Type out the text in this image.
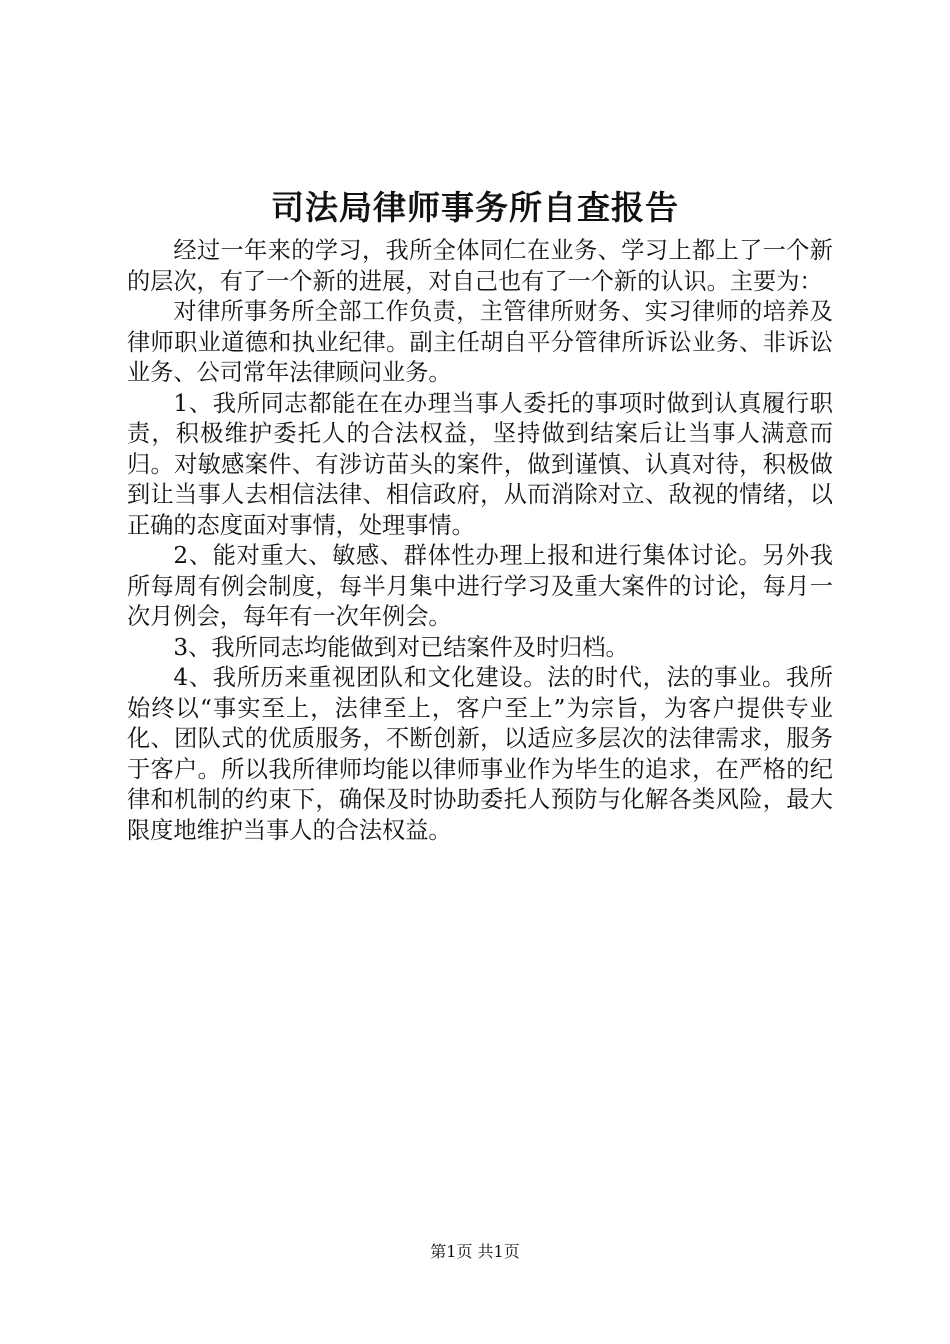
司法局律师事务所自查报告

经过一年来的学习，我所全体同仁在业务、学习上都上了一个新的层次，有了一个新的进展，对自己也有了一个新的认识。主要为：

对律所事务所全部工作负责，主管律所财务、实习律师的培养及律师职业道德和执业纪律。副主任胡自平分管律所诉讼业务、非诉讼业务、公司常年法律顾问业务。

1、我所同志都能在在办理当事人委托的事项时做到认真履行职责，积极维护委托人的合法权益，坚持做到结案后让当事人满意而归。对敏感案件、有涉访苗头的案件，做到谨慎、认真对待，积极做到让当事人去相信法律、相信政府，从而消除对立、敌视的情绪，以正确的态度面对事情，处理事情。

2、能对重大、敏感、群体性办理上报和进行集体讨论。另外我所每周有例会制度，每半月集中进行学习及重大案件的讨论，每月一次月例会，每年有一次年例会。

3、我所同志均能做到对已结案件及时归档。

4、我所历来重视团队和文化建设。法的时代，法的事业。我所始终以“事实至上，法律至上，客户至上”为宗旨，为客户提供专业化、团队式的优质服务，不断创新，以适应多层次的法律需求，服务于客户。所以我所律师均能以律师事业作为毕生的追求，在严格的纪律和机制的约束下，确保及时协助委托人预防与化解各类风险，最大限度地维护当事人的合法权益。

第1页 共1页
